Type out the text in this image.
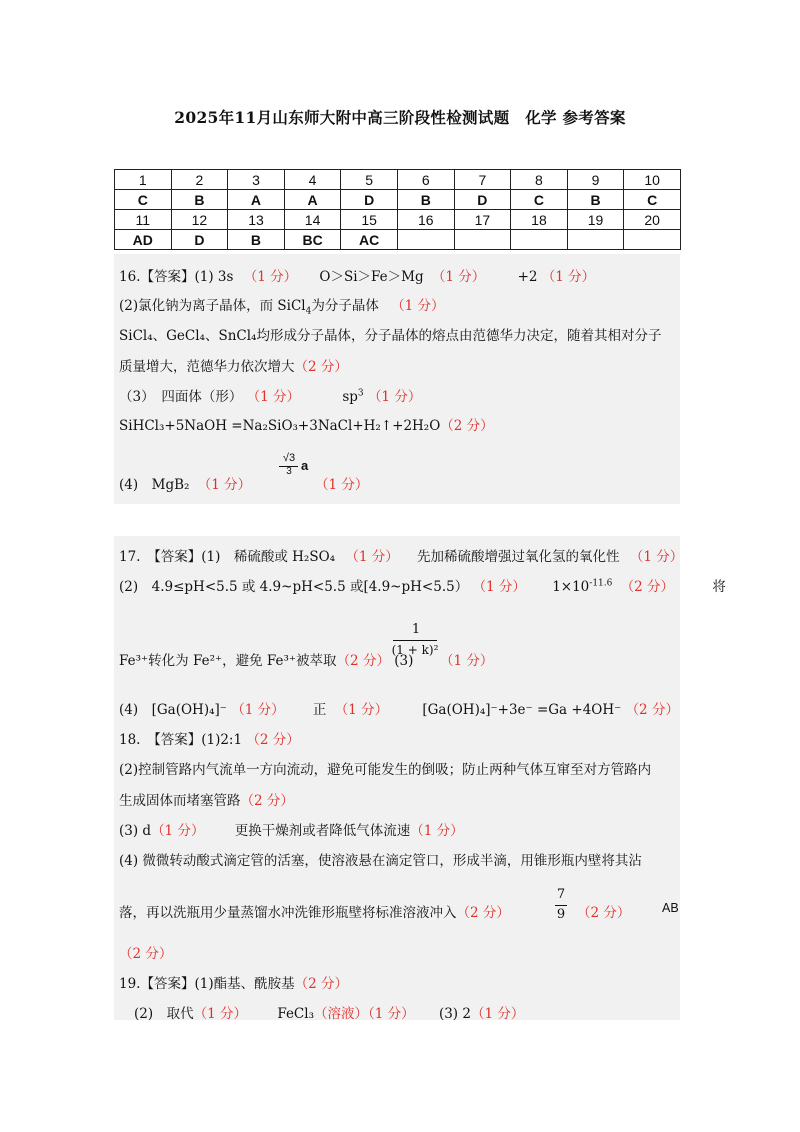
2025年11月山东师大附中高三阶段性检测试题　化学 参考答案
1	2	3	4	5	6	7	8	9	10
C	B	A	A	D	B	D	C	B	C
11	12	13	14	15	16	17	18	19	20
AD	D	B	BC	AC					
16.【答案】(1) 3s （1 分） O＞Si＞Fe＞Mg （1 分） +2 （1 分）
(2)氯化钠为离子晶体，而 SiCl$_4$为分子晶体 （1 分）
SiCl₄、GeCl₄、SnCl₄均形成分子晶体，分子晶体的熔点由范德华力决定，随着其相对分子
质量增大，范德华力依次增大（2 分）
（3）　四面体（形） （1 分）	$sp^3$ （1 分）
SiHCl₃+5NaOH =Na₂SiO₃+3NaCl+H₂↑+2H₂O（2 分）
(4)　MgB₂ （1 分）
√3
3 a
（1 分）
17.　【答案】(1)　稀硫酸或 H₂SO₄ （1 分） 先加稀硫酸增强过氧化氢的氧化性 （1 分）
(2)　4.9≤pH<5.5 或 4.9~pH<5.5 或[4.9~pH<5.5） （1 分） $1\times 10^{-11.6}$ （2 分）	将
Fe³⁺转化为 Fe²⁺，避免 Fe³⁺被萃取（2 分） (3)
1
(1 + k)²
（1 分）
(4)　[Ga(OH)₄]⁻ （1 分） 正 （1 分）	[Ga(OH)₄]⁻+3e⁻ =Ga +4OH⁻ （2 分）
18.　【答案】(1)2:1 （2 分）
(2)控制管路内气流单一方向流动，避免可能发生的倒吸；防止两种气体互窜至对方管路内
生成固体而堵塞管路（2 分）
(3) d（1 分） 更换干燥剂或者降低气体流速（1 分）
(4) 微微转动酸式滴定管的活塞，使溶液悬在滴定管口，形成半滴，用锥形瓶内壁将其沾
落，再以洗瓶用少量蒸馏水冲洗锥形瓶壁将标准溶液冲入（2 分）
7
9 （2 分）	AB
（2 分）
19.【答案】(1)酯基、酰胺基（2 分）
(2)　取代（1 分） FeCl₃（溶液）（1 分） (3) 2（1 分）
